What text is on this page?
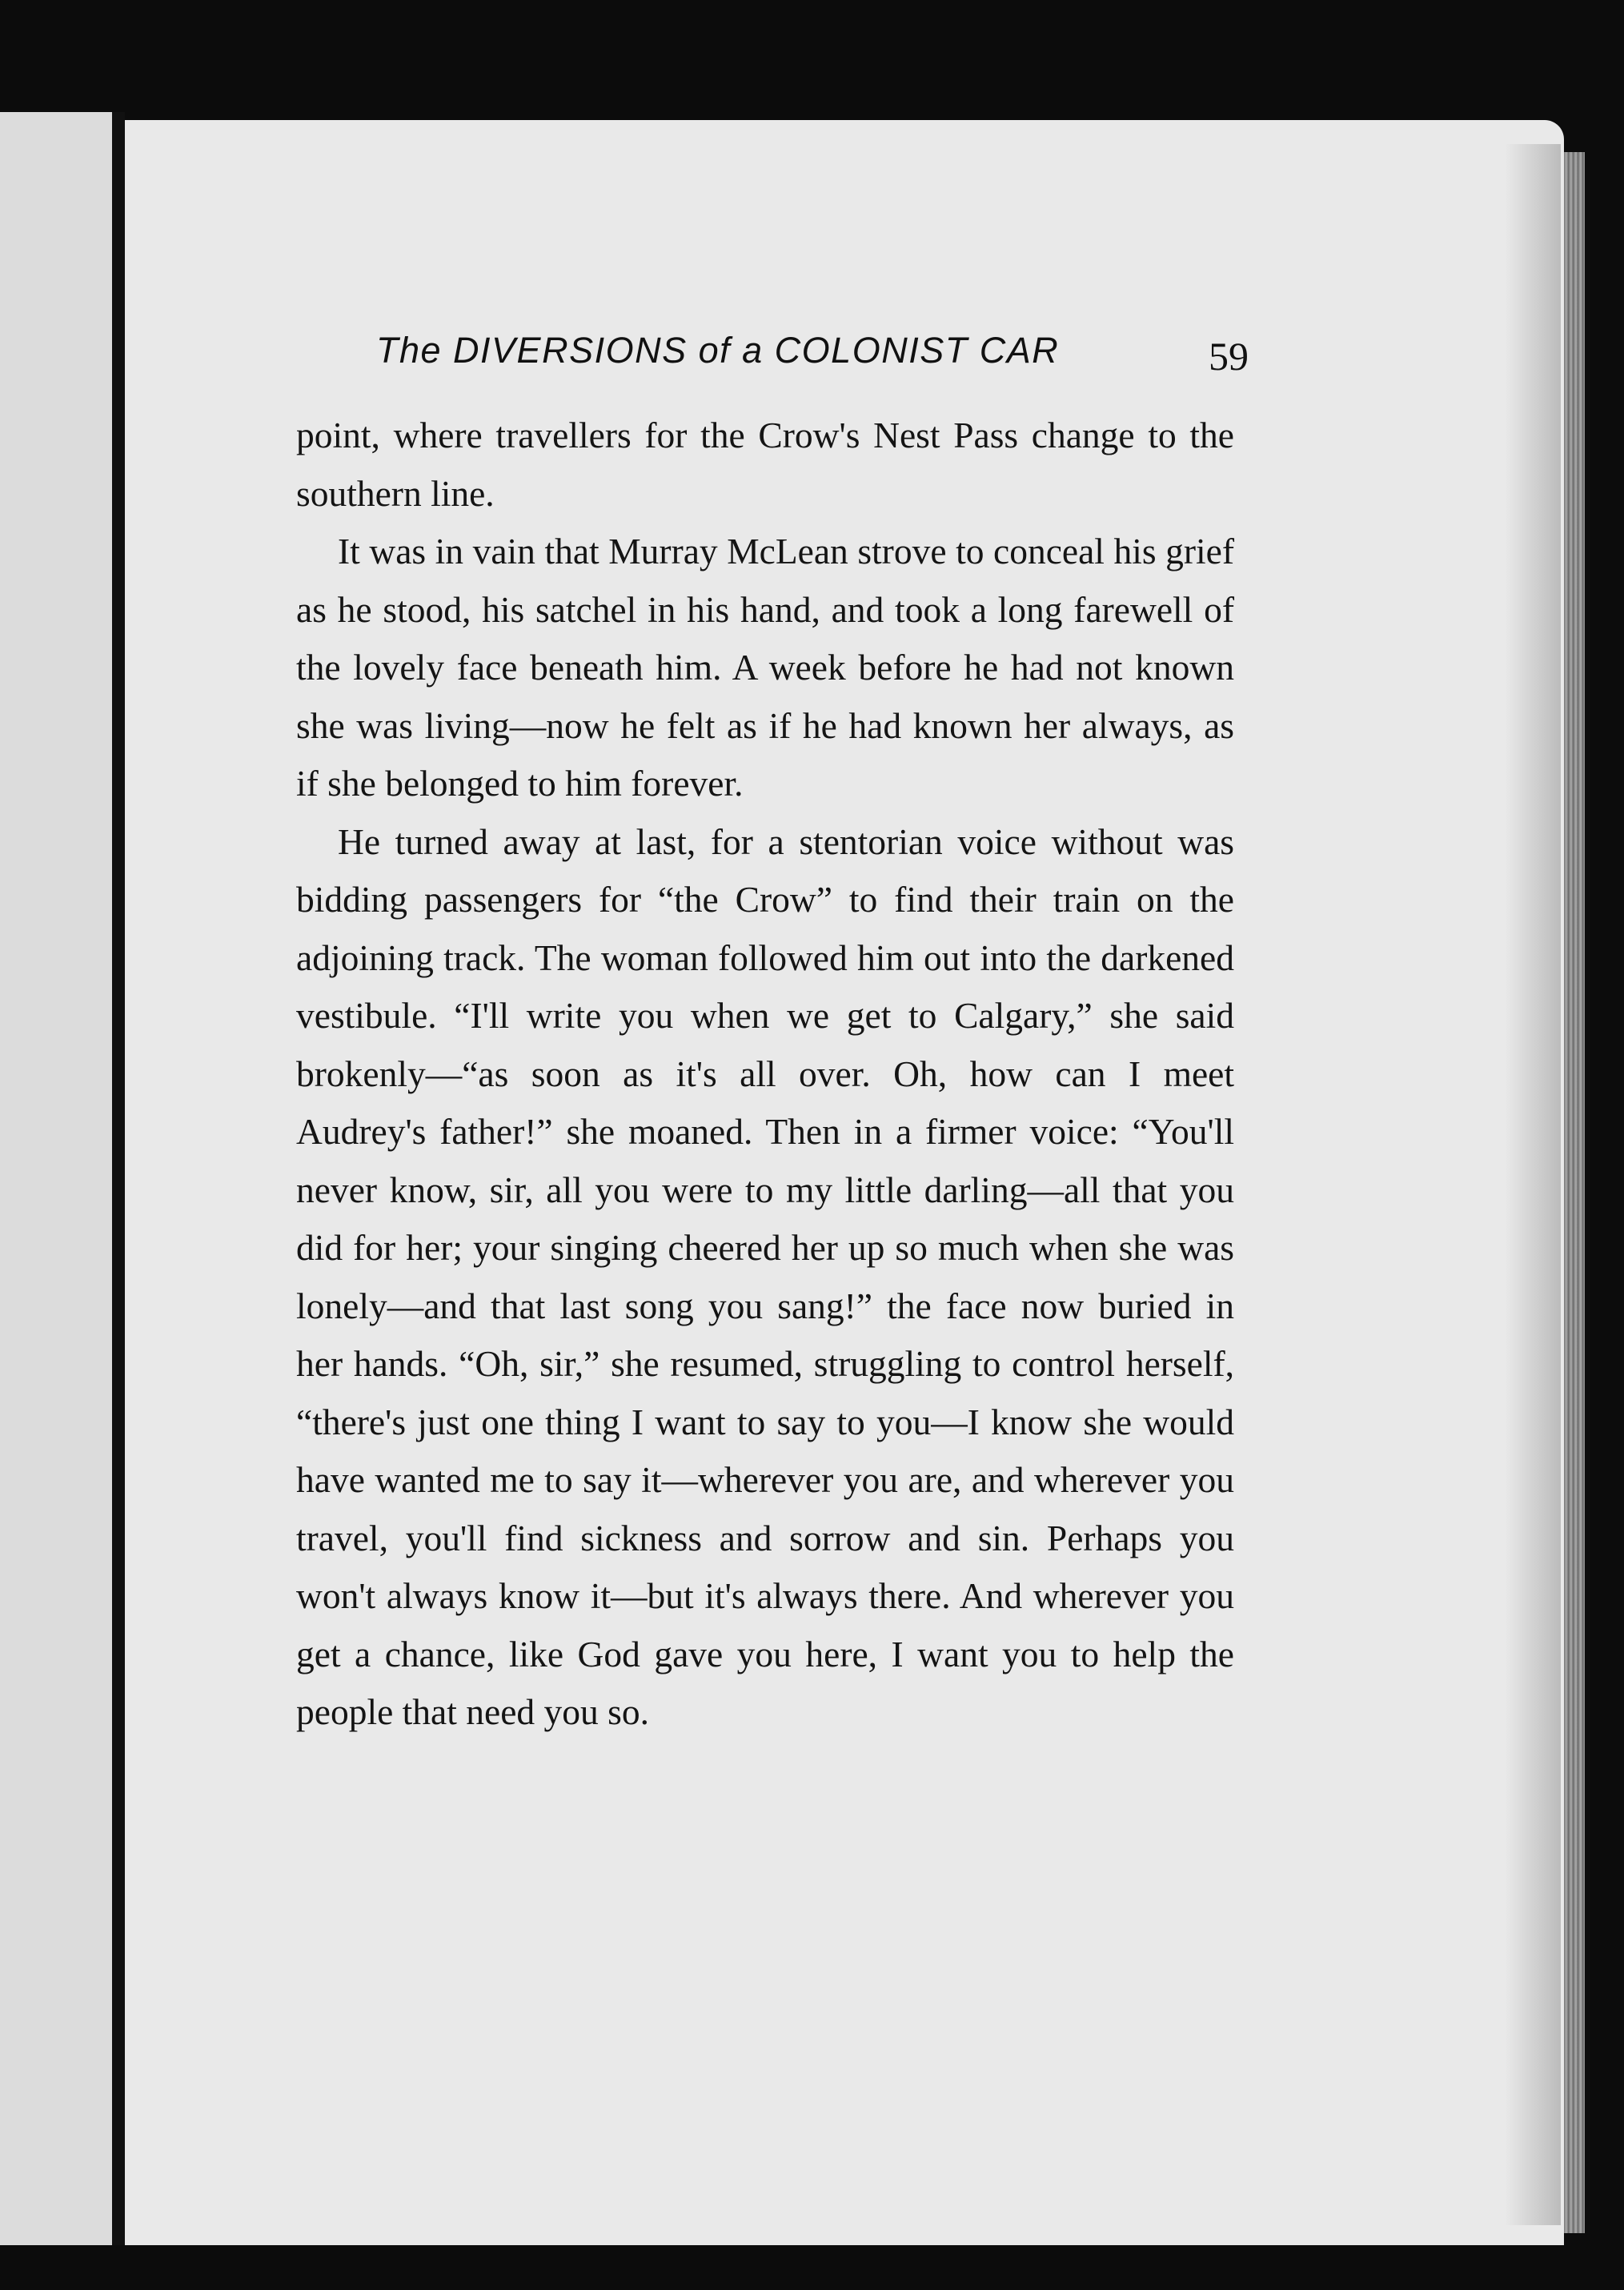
The DIVERSIONS of a COLONIST CAR	59

point, where travellers for the Crow's Nest Pass change to the southern line.

It was in vain that Murray McLean strove to conceal his grief as he stood, his satchel in his hand, and took a long farewell of the lovely face beneath him. A week before he had not known she was living—now he felt as if he had known her always, as if she belonged to him forever.

He turned away at last, for a stentorian voice without was bidding passengers for “the Crow” to find their train on the adjoining track. The woman followed him out into the darkened vestibule. “I'll write you when we get to Calgary,” she said brokenly—“as soon as it's all over. Oh, how can I meet Audrey's father!” she moaned. Then in a firmer voice: “You'll never know, sir, all you were to my little darling—all that you did for her; your singing cheered her up so much when she was lonely—and that last song you sang!” the face now buried in her hands. “Oh, sir,” she resumed, struggling to control herself, “there's just one thing I want to say to you—I know she would have wanted me to say it—wherever you are, and wherever you travel, you'll find sickness and sorrow and sin. Perhaps you won't always know it—but it's always there. And wherever you get a chance, like God gave you here, I want you to help the people that need you so.
